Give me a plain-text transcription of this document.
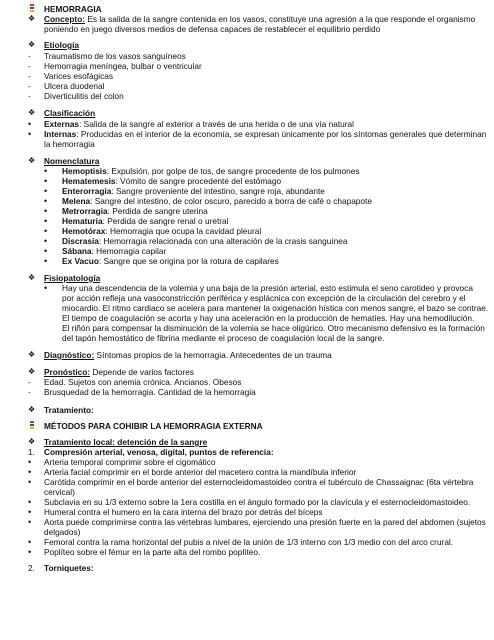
HEMORRAGIA
❖	Concepto: Es la salida de la sangre contenida en los vasos, constituye una agresión a la que responde el organismo
poniendo en juego diversos medios de defensa capaces de restablecer el equilibrio perdido
❖	Etiología
-	Traumatismo de los vasos sanguíneos
-	Hemorragia meníngea, bulbar o ventricular
-	Varices esofágicas
-	Ulcera duodenal
-	Diverticulitis del colon
❖	Clasificación
•	Externas: Salida de la sangre al exterior a través de una herida o de una vía natural
•	Internas: Producidas en el interior de la economía, se expresan únicamente por los síntomas generales que determinan
la hemorragia
❖	Nomenclatura
•	Hemoptisis: Expulsión, por golpe de tos, de sangre procedente de los pulmones
•	Hematemesis: Vómito de sangre procedente del estómago
•	Enterorragia: Sangre proveniente del intestino, sangre roja, abundante
•	Melena: Sangre del intestino, de color oscuro, parecido a borra de café o chapapote
•	Metrorragia: Perdida de sangre uterina
•	Hematuria: Perdida de sangre renal o uretral
•	Hemotórax: Hemorragia que ocupa la cavidad pleural
•	Discrasia: Hemorragia relacionada con una alteración de la crasis sanguínea
•	Sábana: Hemorragia capilar
•	Ex Vacuo: Sangre que se origina por la rotura de capilares
❖	Fisiopatología
•	Hay una descendencia de la volemia y una baja de la presión arterial, esto estimula el seno carotideo y provoca
por acción refleja una vasoconstricción periférica y esplácnica con excepción de la circulación del cerebro y el
miocardio. El ritmo cardiaco se acelera para mantener la oxigenación hística con menos sangre, el bazo se contrae.
El tiempo de coagulación se acorta y hay una aceleración en la producción de hematíes. Hay una hemodilución.
El riñón para compensar la disminución de la volemia se hace oligúrico. Otro mecanismo defensivo es la formación
del tapón hemostático de fibrina mediante el proceso de coagulación local de la sangre.
❖	Diagnóstico: Síntomas propios de la hemorragia. Antecedentes de un trauma
❖	Pronóstico: Depende de varios factores
-	Edad. Sujetos con anemia crónica. Ancianos. Obesos
-	Brusquedad de la hemorragia. Cantidad de la hemorragia
❖	Tratamiento:
MÉTODOS PARA COHIBIR LA HEMORRAGIA EXTERNA
❖	Tratamiento local: detención de la sangre
1.	Compresión arterial, venosa, digital, puntos de referencia:
•	Arteria temporal comprimir sobre el cigomático
•	Arteria facial comprimir en el borde anterior del macetero contra la mandíbula inferior
•	Carótida comprimir en el borde anterior del esternocleidomastoideo contra el tubérculo de Chassaignac (6ta vértebra
cervical)
•	Subclavia en su 1/3 externo sobre la 1era costilla en el ángulo formado por la clavícula y el esternocleidomastoideo.
•	Humeral contra el humero en la cara interna del brazo por detrás del bíceps
•	Aorta puede comprimirse contra las vértebras lumbares, ejerciendo una presión fuerte en la pared del abdomen (sujetos
delgados)
•	Femoral contra la rama horizontal del pubis a nivel de la unión de 1/3 interno con 1/3 medio con del arco crural.
•	Poplíteo sobre el fémur en la parte alta del rombo poplíteo.
2.	Torniquetes:
